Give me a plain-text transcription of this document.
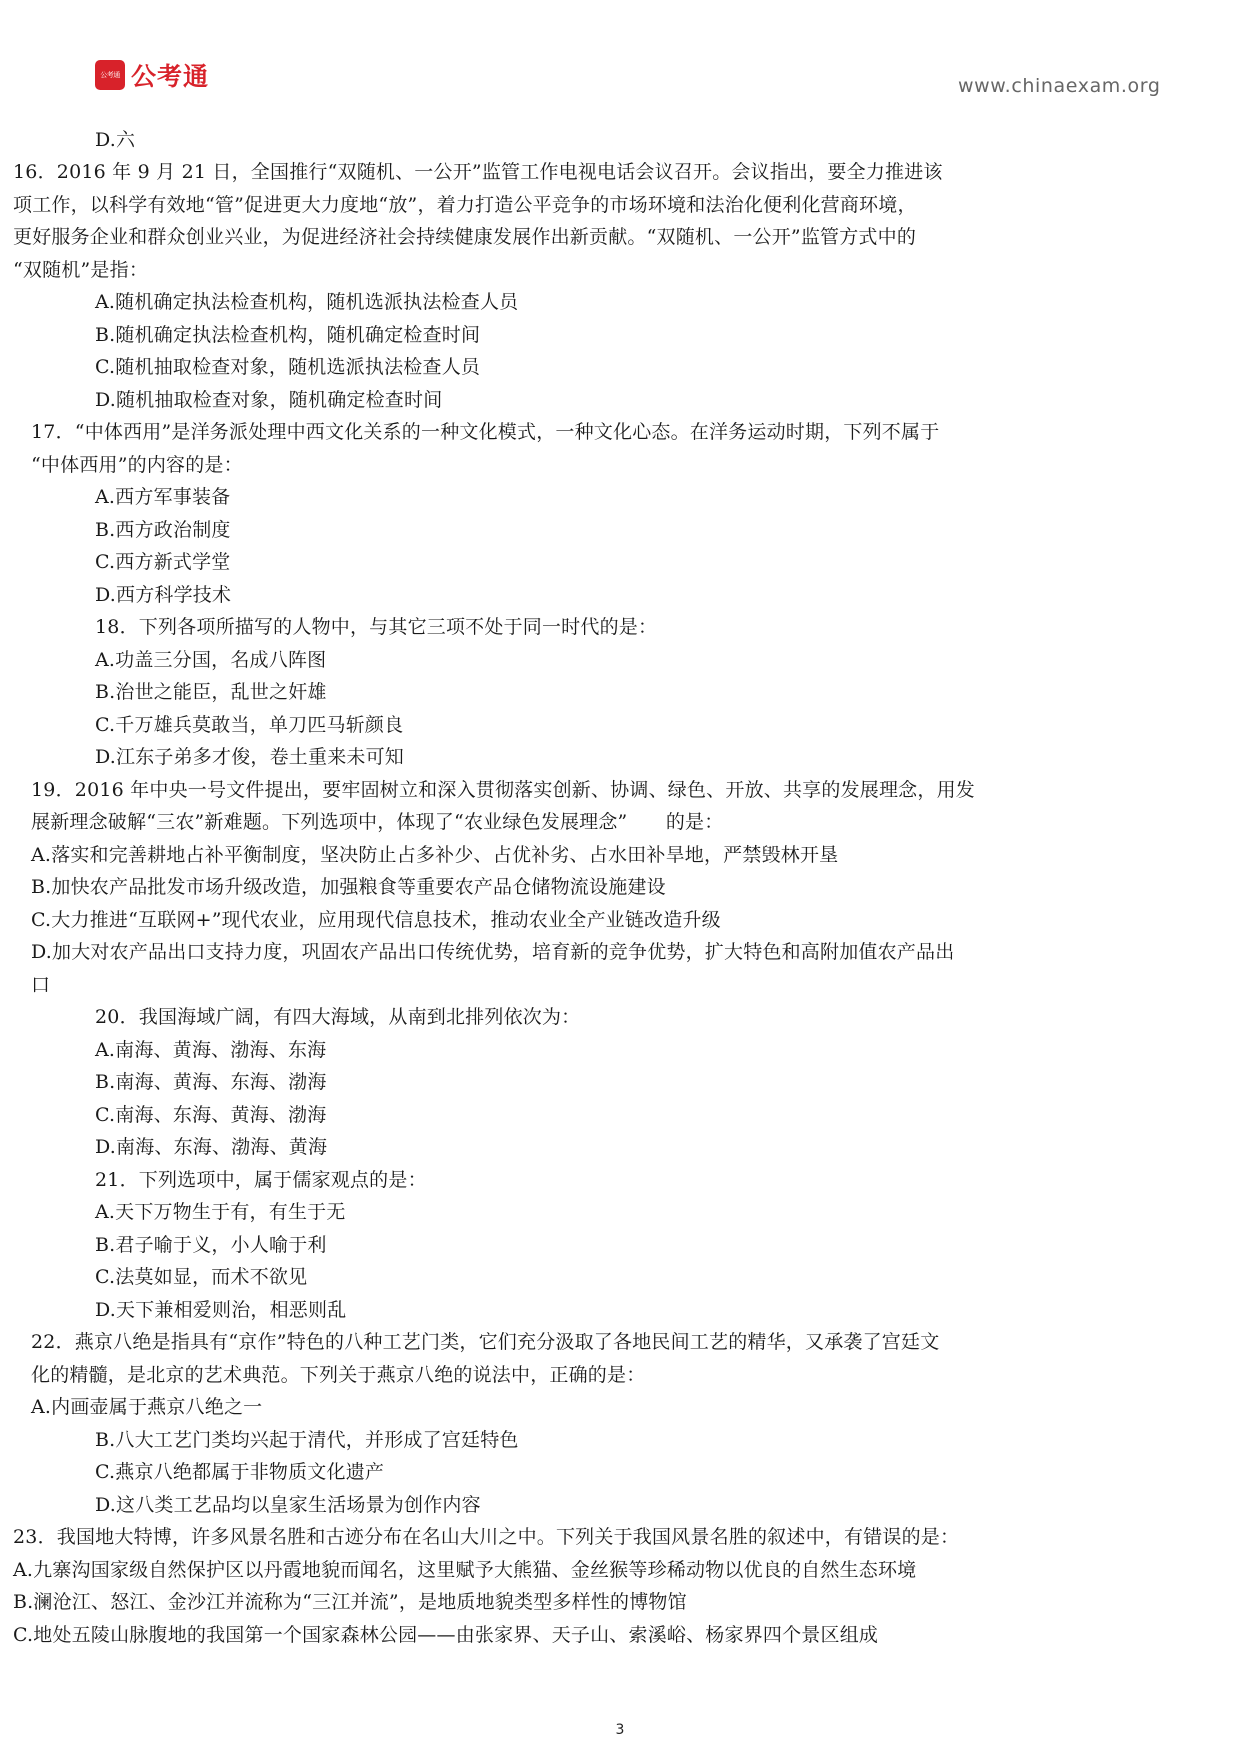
公考通 公考通	www.chinaexam.org
D.六
16．2016 年 9 月 21 日，全国推行“双随机、一公开”监管工作电视电话会议召开。会议指出，要全力推进该
项工作，以科学有效地“管”促进更大力度地“放”，着力打造公平竞争的市场环境和法治化便利化营商环境，
更好服务企业和群众创业兴业，为促进经济社会持续健康发展作出新贡献。“双随机、一公开”监管方式中的
“双随机”是指：
A.随机确定执法检查机构，随机选派执法检查人员
B.随机确定执法检查机构，随机确定检查时间
C.随机抽取检查对象，随机选派执法检查人员
D.随机抽取检查对象，随机确定检查时间
17．“中体西用”是洋务派处理中西文化关系的一种文化模式，一种文化心态。在洋务运动时期，下列不属于
“中体西用”的内容的是：
A.西方军事装备
B.西方政治制度
C.西方新式学堂
D.西方科学技术
18．下列各项所描写的人物中，与其它三项不处于同一时代的是：
A.功盖三分国，名成八阵图
B.治世之能臣，乱世之奸雄
C.千万雄兵莫敢当，单刀匹马斩颜良
D.江东子弟多才俊，卷土重来未可知
19．2016 年中央一号文件提出，要牢固树立和深入贯彻落实创新、协调、绿色、开放、共享的发展理念，用发
展新理念破解“三农”新难题。下列选项中，体现了“农业绿色发展理念”　　的是：
A.落实和完善耕地占补平衡制度，坚决防止占多补少、占优补劣、占水田补旱地，严禁毁林开垦
B.加快农产品批发市场升级改造，加强粮食等重要农产品仓储物流设施建设
C.大力推进“互联网+”现代农业，应用现代信息技术，推动农业全产业链改造升级
D.加大对农产品出口支持力度，巩固农产品出口传统优势，培育新的竞争优势，扩大特色和高附加值农产品出
口
20．我国海域广阔，有四大海域，从南到北排列依次为：
A.南海、黄海、渤海、东海
B.南海、黄海、东海、渤海
C.南海、东海、黄海、渤海
D.南海、东海、渤海、黄海
21．下列选项中，属于儒家观点的是：
A.天下万物生于有，有生于无
B.君子喻于义，小人喻于利
C.法莫如显，而术不欲见
D.天下兼相爱则治，相恶则乱
22．燕京八绝是指具有“京作”特色的八种工艺门类，它们充分汲取了各地民间工艺的精华，又承袭了宫廷文
化的精髓，是北京的艺术典范。下列关于燕京八绝的说法中，正确的是：
A.内画壶属于燕京八绝之一
B.八大工艺门类均兴起于清代，并形成了宫廷特色
C.燕京八绝都属于非物质文化遗产
D.这八类工艺品均以皇家生活场景为创作内容
23．我国地大特博，许多风景名胜和古迹分布在名山大川之中。下列关于我国风景名胜的叙述中，有错误的是：
A.九寨沟国家级自然保护区以丹霞地貌而闻名，这里赋予大熊猫、金丝猴等珍稀动物以优良的自然生态环境
B.澜沧江、怒江、金沙江并流称为“三江并流”，是地质地貌类型多样性的博物馆
C.地处五陵山脉腹地的我国第一个国家森林公园——由张家界、天子山、索溪峪、杨家界四个景区组成
3
